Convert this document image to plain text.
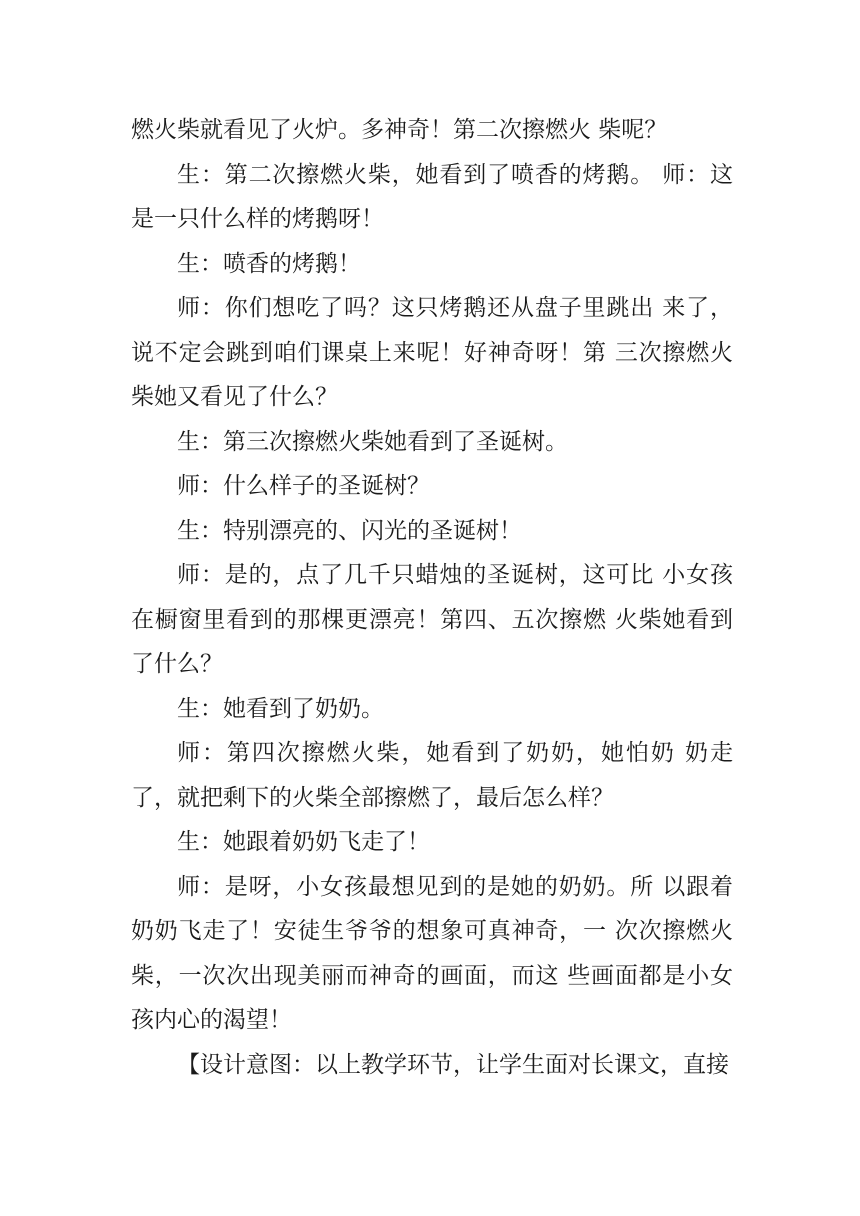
燃火柴就看见了火炉。多神奇！第二次擦燃火 柴呢？

生：第二次擦燃火柴，她看到了喷香的烤鹅。 师：这是一只什么样的烤鹅呀！

生：喷香的烤鹅！

师：你们想吃了吗？这只烤鹅还从盘子里跳出 来了，说不定会跳到咱们课桌上来呢！好神奇呀！第 三次擦燃火柴她又看见了什么？

生：第三次擦燃火柴她看到了圣诞树。

师：什么样子的圣诞树？

生：特别漂亮的、闪光的圣诞树！

师：是的，点了几千只蜡烛的圣诞树，这可比 小女孩在橱窗里看到的那棵更漂亮！第四、五次擦燃 火柴她看到了什么？

生：她看到了奶奶。

师：第四次擦燃火柴，她看到了奶奶，她怕奶 奶走了，就把剩下的火柴全部擦燃了，最后怎么样？

生：她跟着奶奶飞走了！

师：是呀，小女孩最想见到的是她的奶奶。所 以跟着奶奶飞走了！安徒生爷爷的想象可真神奇，一 次次擦燃火柴，一次次出现美丽而神奇的画面，而这 些画面都是小女孩内心的渴望！

【设计意图：以上教学环节，让学生面对长课文，直接
